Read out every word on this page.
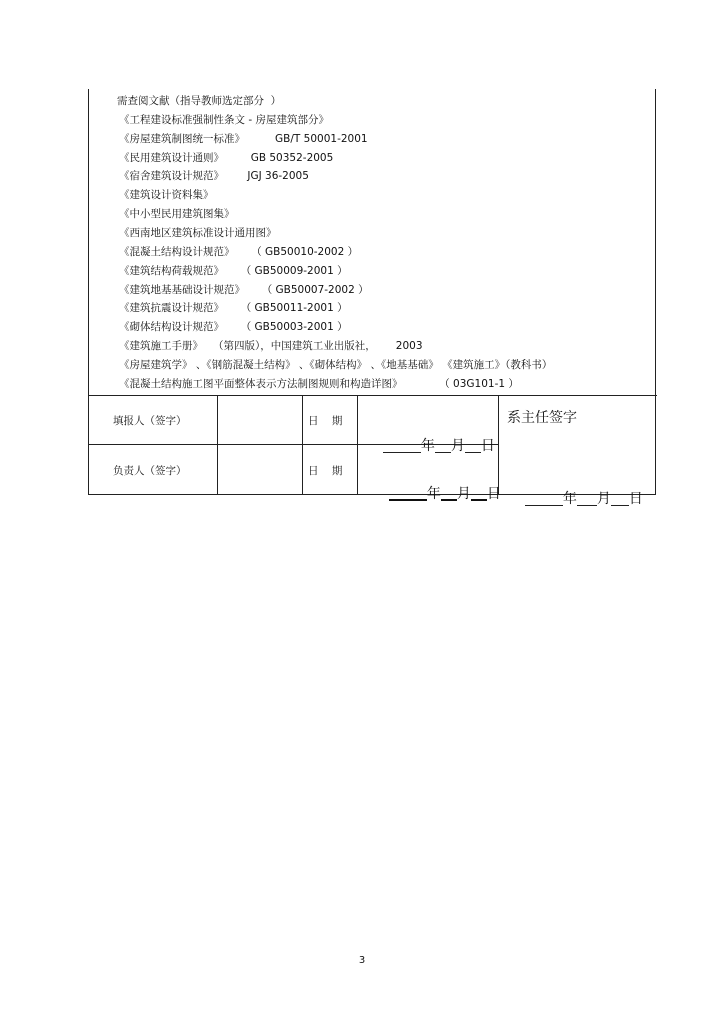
需查阅文献（指导教师选定部分  ）
《工程建设标准强制性条文 - 房屋建筑部分》
《房屋建筑制图统一标准》         GB/T 50001-2001
《民用建筑设计通则》        GB 50352-2005
《宿舍建筑设计规范》       JGJ 36-2005
《建筑设计资料集》
《中小型民用建筑图集》
《西南地区建筑标准设计通用图》
《混凝土结构设计规范》     （ GB50010-2002 ）
《建筑结构荷载规范》     （ GB50009-2001 ）
《建筑地基基础设计规范》     （ GB50007-2002 ）
《建筑抗震设计规范》     （ GB50011-2001 ）
《砌体结构设计规范》     （ GB50003-2001 ）
《建筑施工手册》   （第四版），中国建筑工业出版社，      2003
《房屋建筑学》 、《钢筋混凝土结构》 、《砌体结构》 、《地基基础》 《建筑施工》（教科书）
《混凝土结构施工图平面整体表示方法制图规则和构造详图》           （ 03G101-1 ）
填报人（签字）	日    期

年 月 日

负责人（签字）	日    期

年 月 日

系主任签字

年 月 日

3
